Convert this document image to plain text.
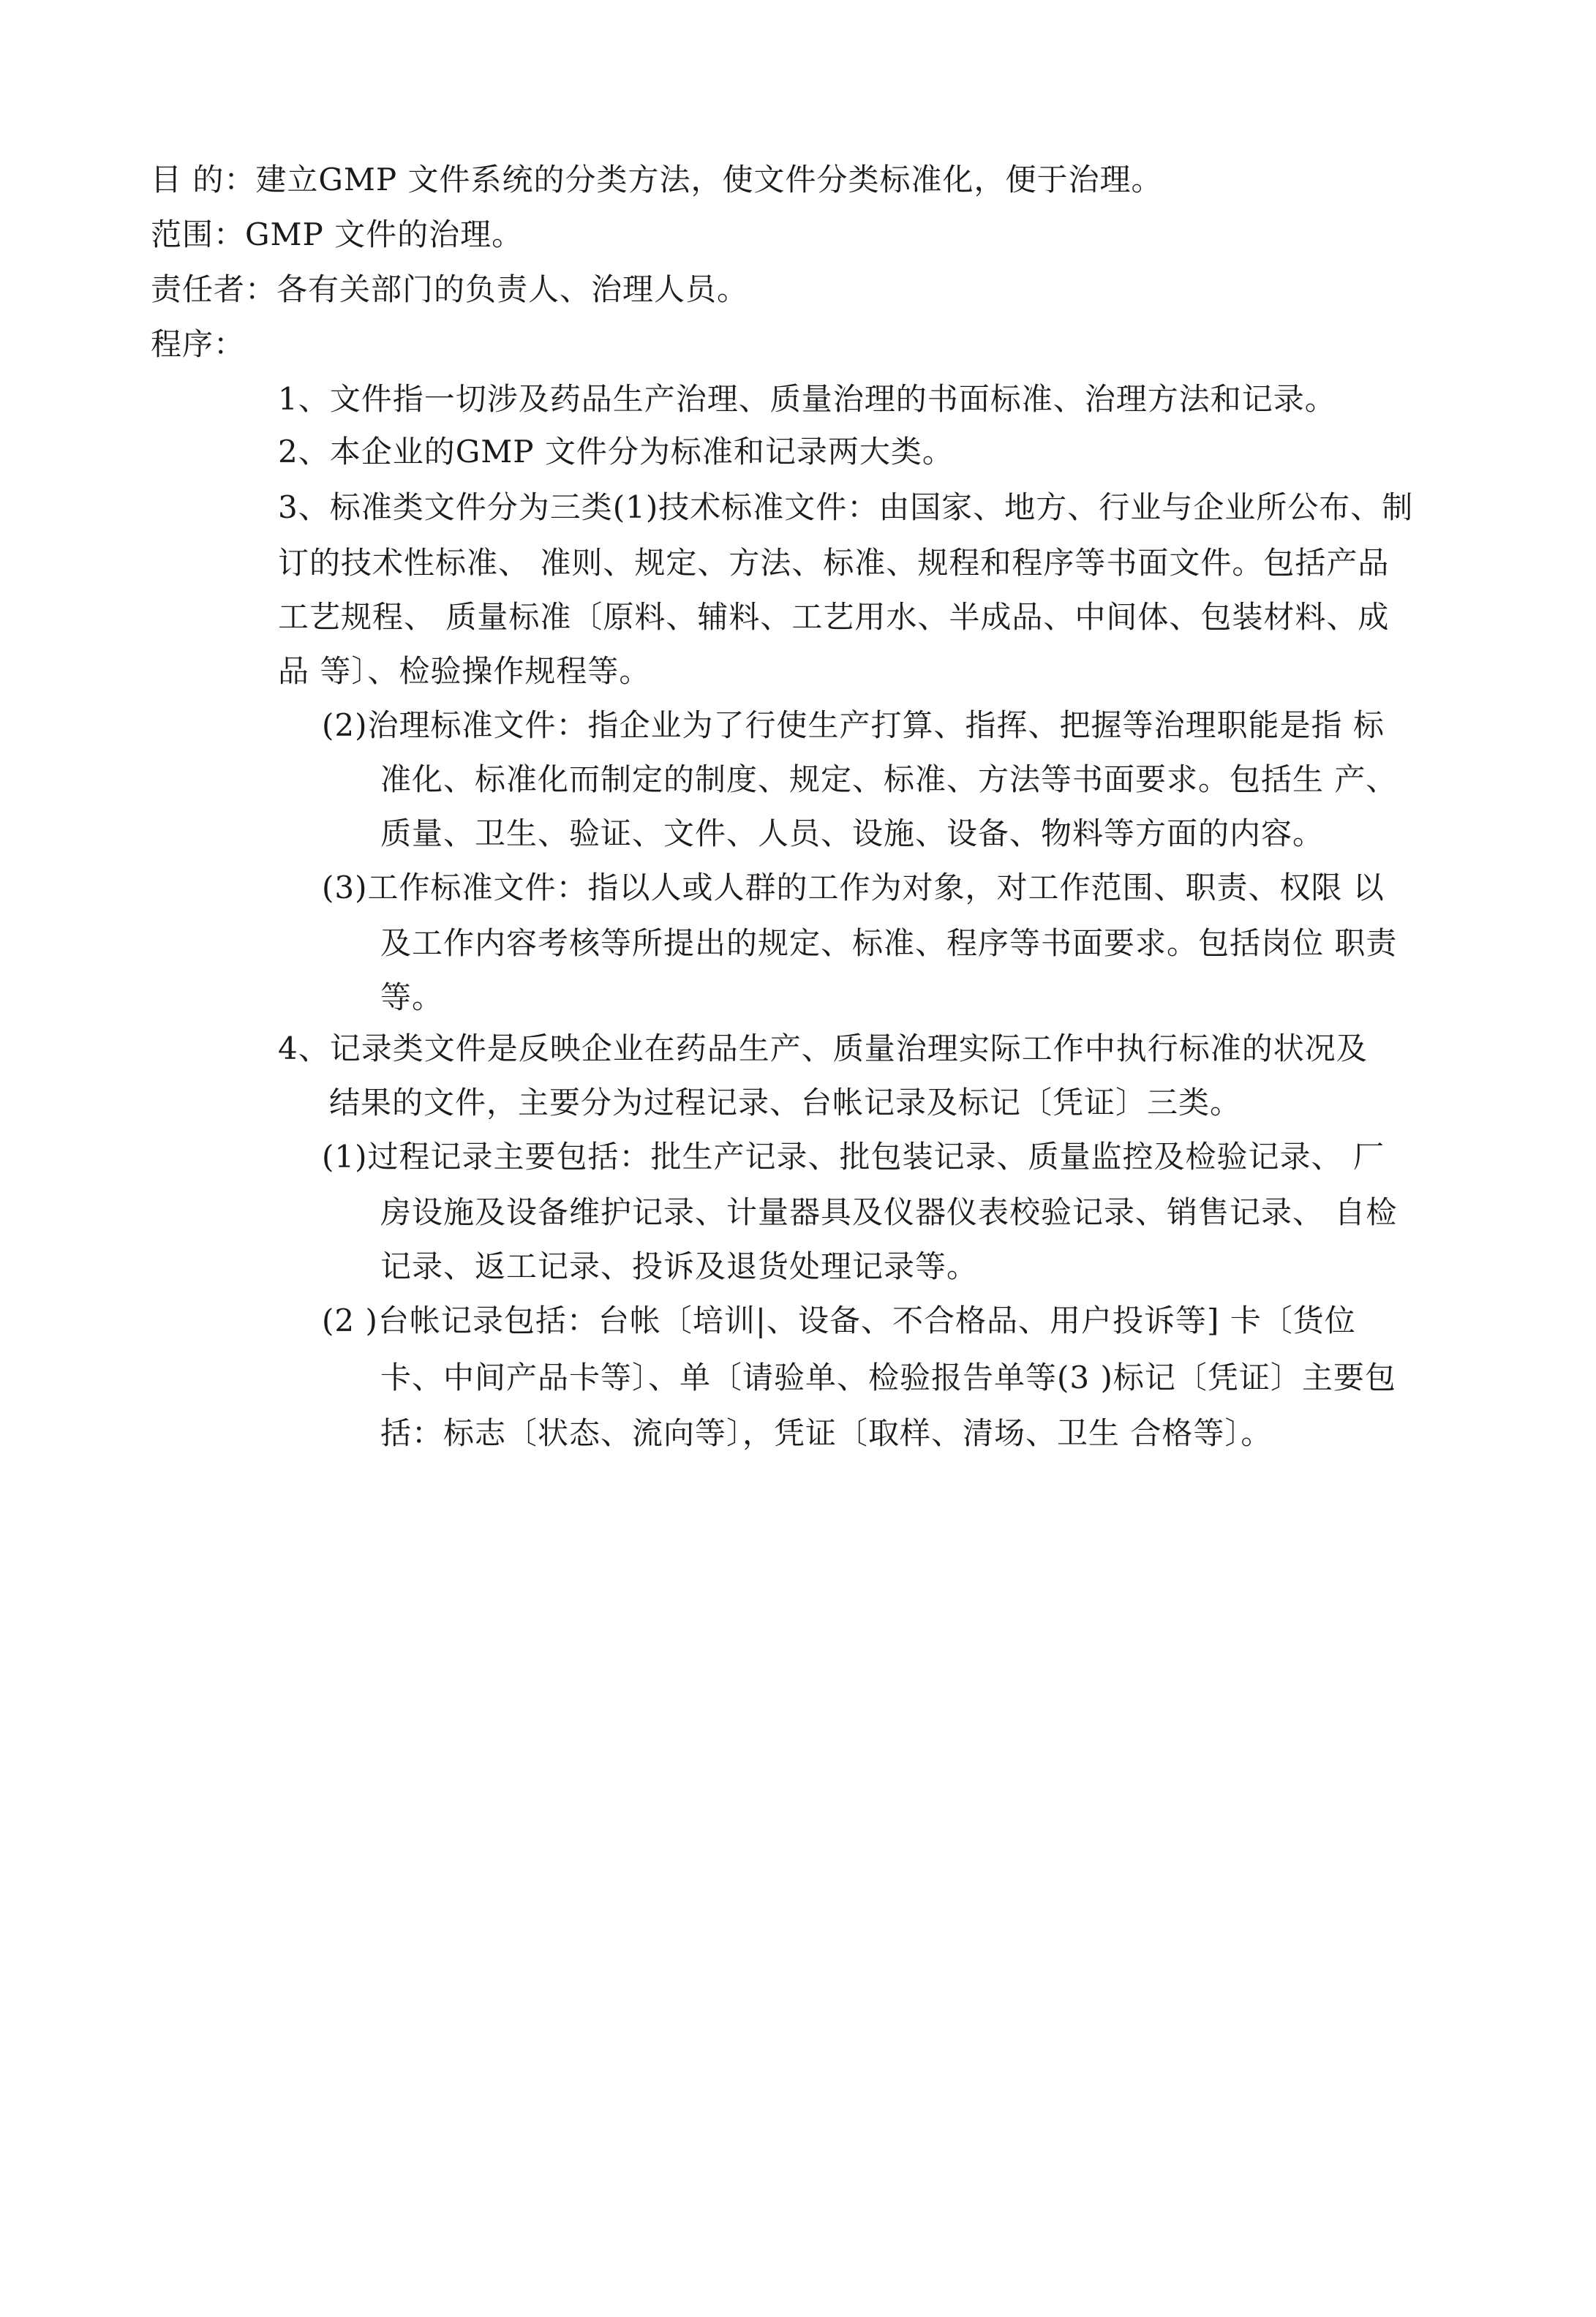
目 的：建立GMP 文件系统的分类方法，使文件分类标准化，便于治理。
范围：GMP 文件的治理。
责任者：各有关部门的负责人、治理人员。
程序：
1、文件指一切涉及药品生产治理、质量治理的书面标准、治理方法和记录。
2、本企业的GMP 文件分为标准和记录两大类。
3、标准类文件分为三类(1)技术标准文件：由国家、地方、行业与企业所公布、制
订的技术性标准、 准则、规定、方法、标准、规程和程序等书面文件。包括产品
工艺规程、 质量标准〔原料、辅料、工艺用水、半成品、中间体、包装材料、成
品 等〕、检验操作规程等。
(2)治理标准文件：指企业为了行使生产打算、指挥、把握等治理职能是指 标
准化、标准化而制定的制度、规定、标准、方法等书面要求。包括生 产、
质量、卫生、验证、文件、人员、设施、设备、物料等方面的内容。
(3)工作标准文件：指以人或人群的工作为对象，对工作范围、职责、权限 以
及工作内容考核等所提出的规定、标准、程序等书面要求。包括岗位 职责
等。
4、记录类文件是反映企业在药品生产、质量治理实际工作中执行标准的状况及
结果的文件，主要分为过程记录、台帐记录及标记〔凭证〕三类。
(1)过程记录主要包括：批生产记录、批包装记录、质量监控及检验记录、 厂
房设施及设备维护记录、计量器具及仪器仪表校验记录、销售记录、 自检
记录、返工记录、投诉及退货处理记录等。
(2 )台帐记录包括：台帐〔培训|、设备、不合格品、用户投诉等] 卡〔货位
卡、中间产品卡等〕、单〔请验单、检验报告单等(3 )标记〔凭证〕主要包
括：标志〔状态、流向等〕，凭证〔取样、清场、卫生 合格等〕。
